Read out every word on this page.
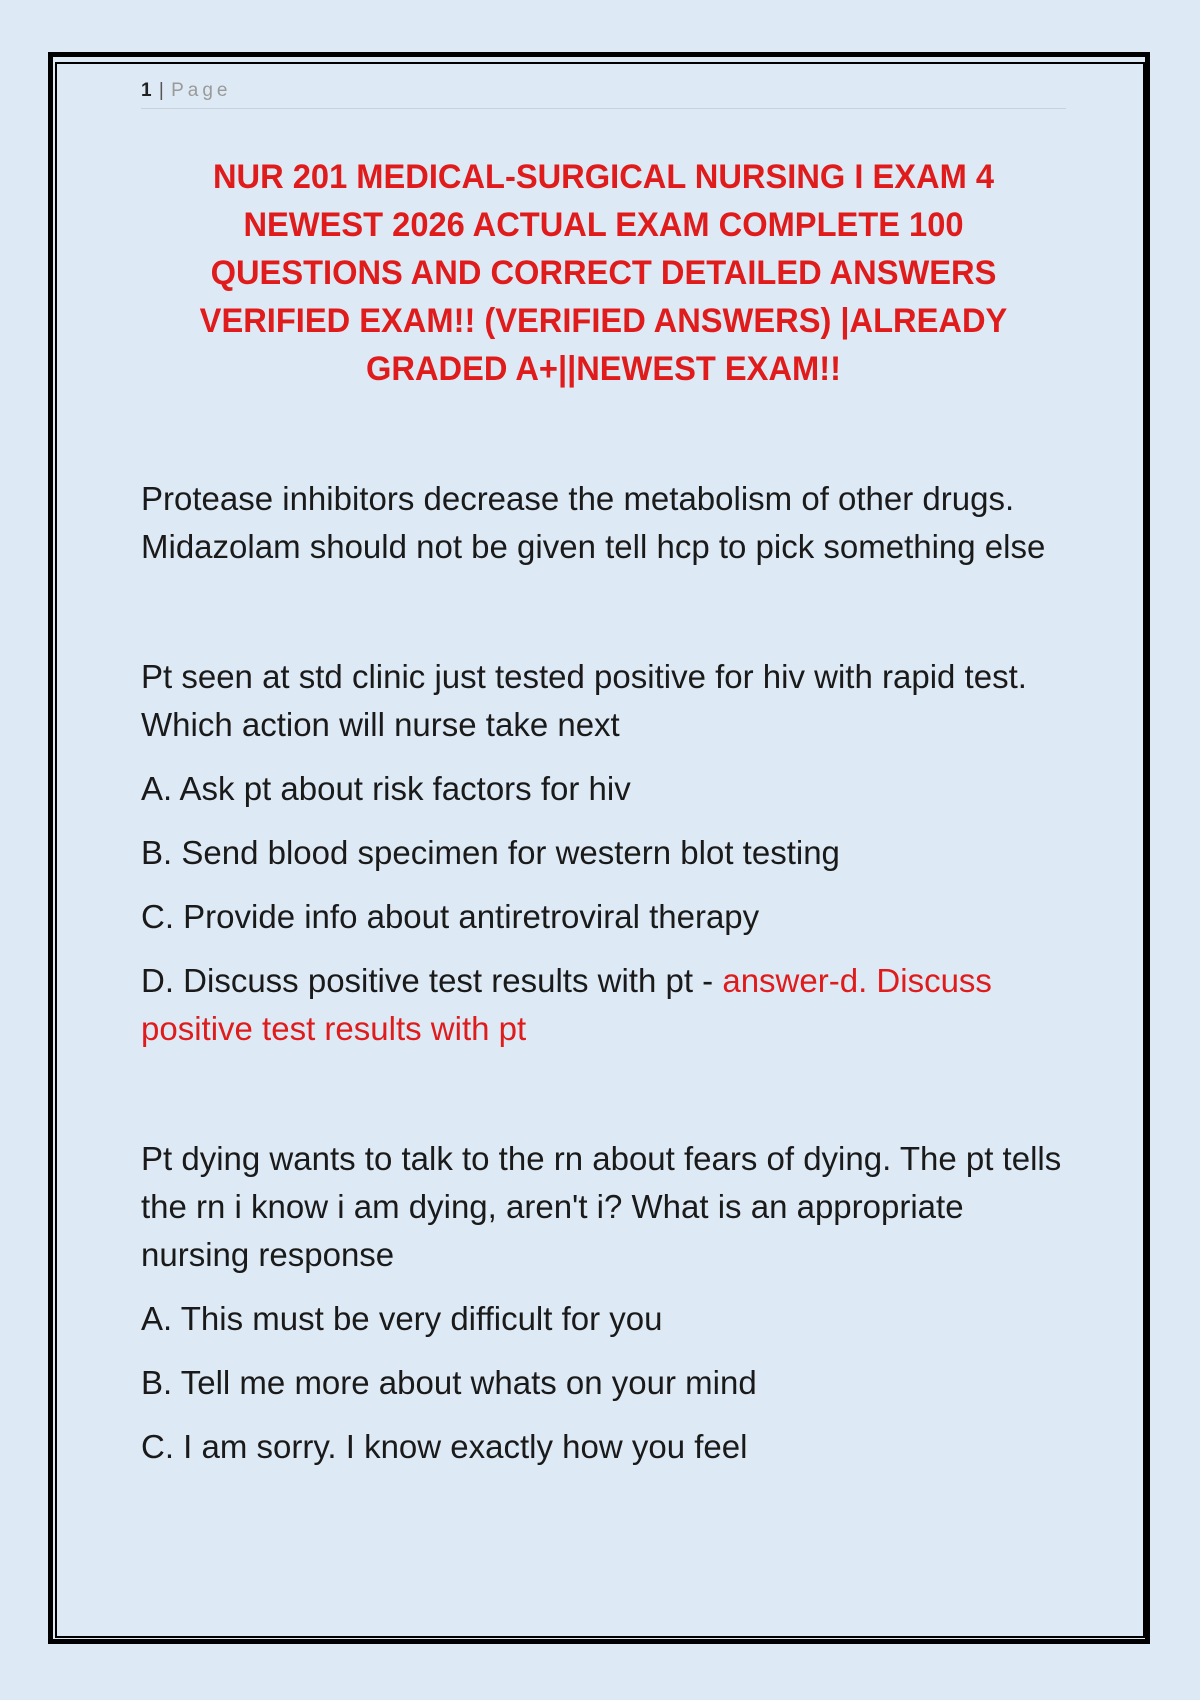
1 | Page
NUR 201 MEDICAL-SURGICAL NURSING I EXAM 4 NEWEST 2026 ACTUAL EXAM COMPLETE 100 QUESTIONS AND CORRECT DETAILED ANSWERS VERIFIED EXAM!! (VERIFIED ANSWERS) |ALREADY GRADED A+||NEWEST EXAM!!

Protease inhibitors decrease the metabolism of other drugs. Midazolam should not be given tell hcp to pick something else

Pt seen at std clinic just tested positive for hiv with rapid test. Which action will nurse take next

A. Ask pt about risk factors for hiv

B. Send blood specimen for western blot testing

C. Provide info about antiretroviral therapy

D. Discuss positive test results with pt - answer-d. Discuss positive test results with pt

Pt dying wants to talk to the rn about fears of dying. The pt tells the rn i know i am dying, aren't i? What is an appropriate nursing response

A. This must be very difficult for you

B. Tell me more about whats on your mind

C. I am sorry. I know exactly how you feel
